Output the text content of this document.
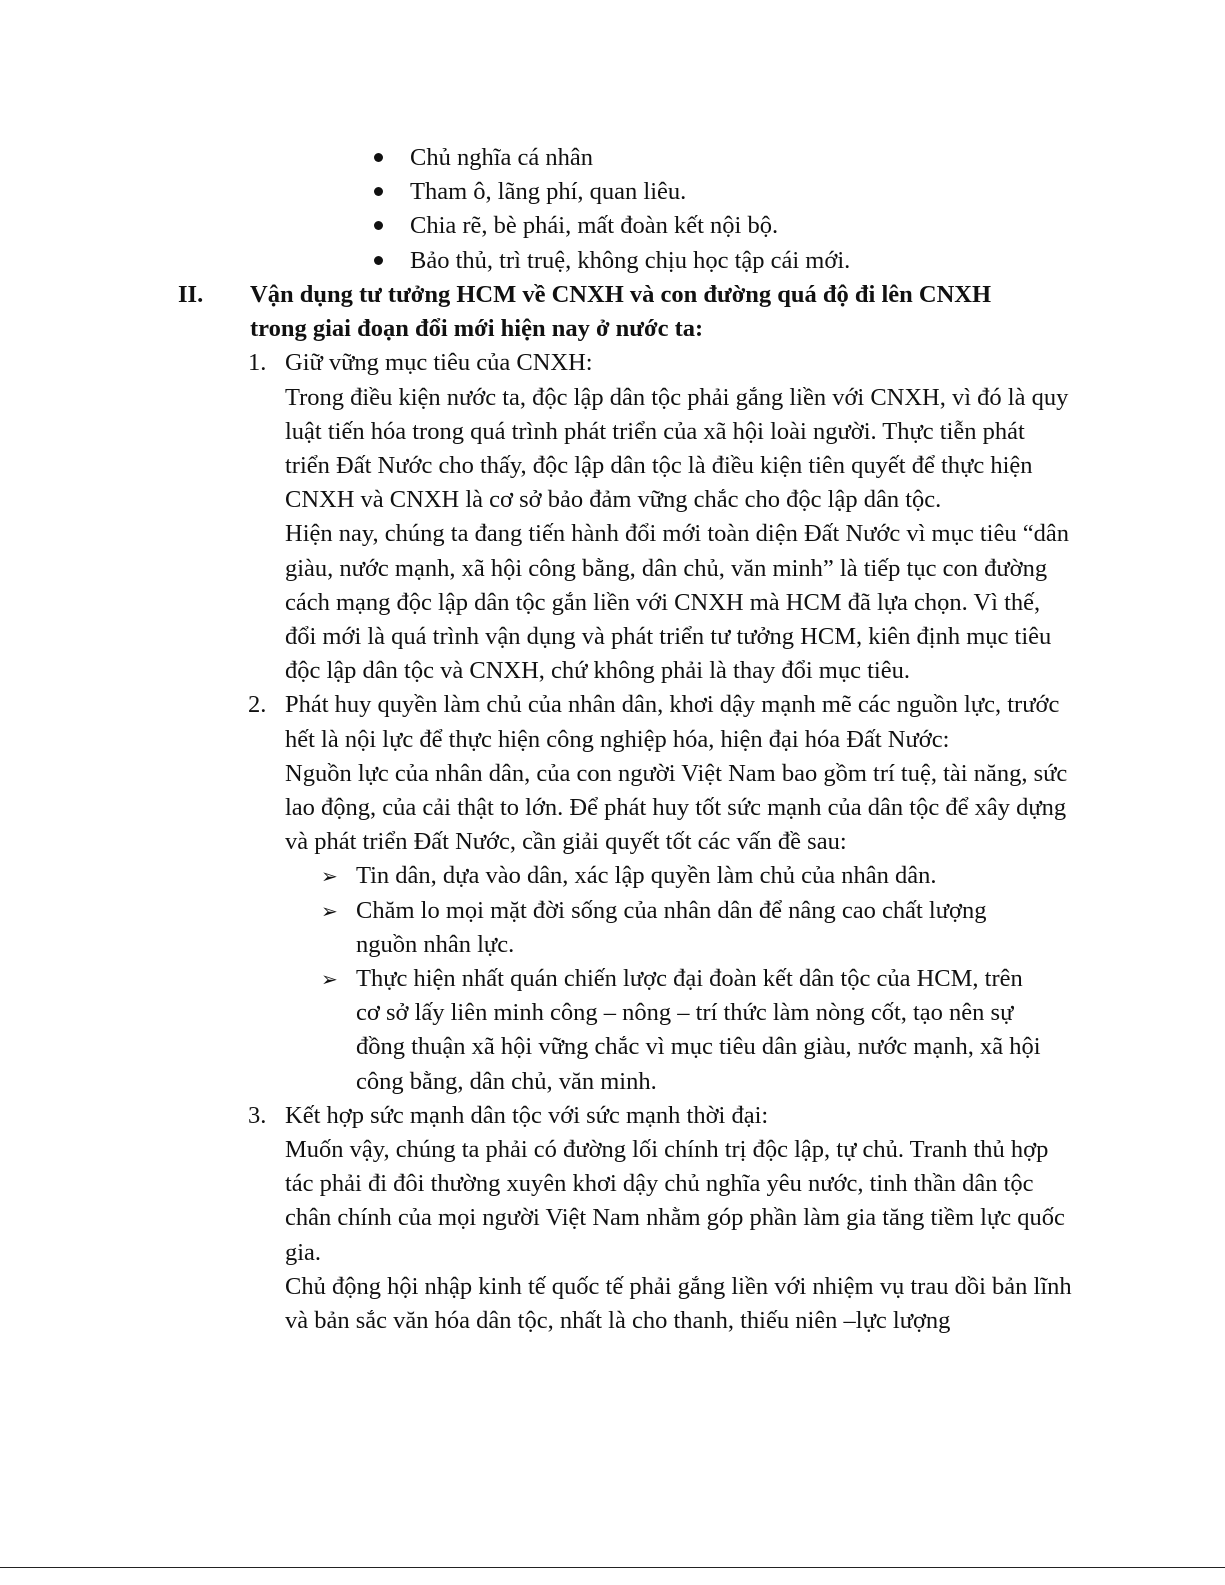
Chủ nghĩa cá nhân
Tham ô, lãng phí, quan liêu.
Chia rẽ, bè phái, mất đoàn kết nội bộ.
Bảo thủ, trì truệ, không chịu học tập cái mới.
II.	Vận dụng tư tưởng HCM về CNXH và con đường quá độ đi lên CNXH trong giai đoạn đổi mới hiện nay ở nước ta:
1. Giữ vững mục tiêu của CNXH:

Trong điều kiện nước ta, độc lập dân tộc phải gắng liền với CNXH, vì đó là quy luật tiến hóa trong quá trình phát triển của xã hội loài người. Thực tiễn phát triển Đất Nước cho thấy, độc lập dân tộc là điều kiện tiên quyết để thực hiện CNXH và CNXH là cơ sở bảo đảm vững chắc cho độc lập dân tộc.

Hiện nay, chúng ta đang tiến hành đổi mới toàn diện Đất Nước vì mục tiêu “dân giàu, nước mạnh, xã hội công bằng, dân chủ, văn minh” là tiếp tục con đường cách mạng độc lập dân tộc gắn liền với CNXH mà HCM đã lựa chọn. Vì thế, đổi mới là quá trình vận dụng và phát triển tư tưởng HCM, kiên định mục tiêu độc lập dân tộc và CNXH, chứ không phải là thay đổi mục tiêu.

2. Phát huy quyền làm chủ của nhân dân, khơi dậy mạnh mẽ các nguồn lực, trước hết là nội lực để thực hiện công nghiệp hóa, hiện đại hóa Đất Nước:

Nguồn lực của nhân dân, của con người Việt Nam bao gồm trí tuệ, tài năng, sức lao động, của cải thật to lớn. Để phát huy tốt sức mạnh của dân tộc để xây dựng và phát triển Đất Nước, cần giải quyết tốt các vấn đề sau:

➢ Tin dân, dựa vào dân, xác lập quyền làm chủ của nhân dân.
➢ Chăm lo mọi mặt đời sống của nhân dân để nâng cao chất lượng nguồn nhân lực.
➢ Thực hiện nhất quán chiến lược đại đoàn kết dân tộc của HCM, trên cơ sở lấy liên minh công – nông – trí thức làm nòng cốt, tạo nên sự đồng thuận xã hội vững chắc vì mục tiêu dân giàu, nước mạnh, xã hội công bằng, dân chủ, văn minh.
3. Kết hợp sức mạnh dân tộc với sức mạnh thời đại:

Muốn vậy, chúng ta phải có đường lối chính trị độc lập, tự chủ. Tranh thủ hợp tác phải đi đôi thường xuyên khơi dậy chủ nghĩa yêu nước, tinh thần dân tộc chân chính của mọi người Việt Nam nhằm góp phần làm gia tăng tiềm lực quốc gia.

Chủ động hội nhập kinh tế quốc tế phải gắng liền với nhiệm vụ trau dồi bản lĩnh và bản sắc văn hóa dân tộc, nhất là cho thanh, thiếu niên –lực lượng
